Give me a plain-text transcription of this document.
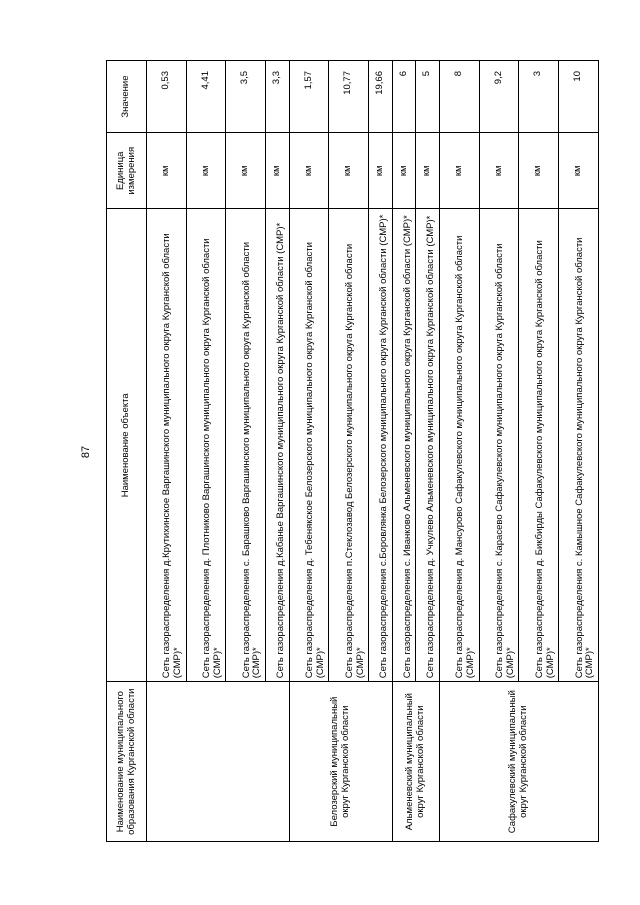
87
Наименование муниципального образования Курганской области	Наименование объекта	Единица измерения	Значение
	Сеть газораспределения д.Крутихинское Варгашинского муниципального округа Курганской области (СМР)*	км	0,53
	Сеть газораспределения д. Плотниково Варгашинского муниципального округа Курганской области (СМР)*	км	4,41
	Сеть газораспределения с. Барашково Варгашинского муниципального округа Курганской области (СМР)*	км	3,5
	Сеть газораспределения д.Кабанье Варгашинского муниципального округа Курганской области (СМР)*	км	3,3
Белозерский муниципальный округ Курганской области	Сеть газораспределения д. Тебенякское Белозерского муниципального округа Курганской области (СМР)*	км	1,57
	Сеть газораспределения п.Стеклозавод Белозерского муниципального округа Курганской области (СМР)*	км	10,77
	Сеть газораспределения с.Боровлянка Белозерского муниципального округа Курганской области (СМР)*	км	19,66
Альменевский муниципальный округ Курганской области	Сеть газораспределения с. Иванково Альменевского муниципального округа Курганской области (СМР)*	км	6
	Сеть газораспределения д. Учкулево Альменевского муниципального округа Курганской области (СМР)*	км	5
Сафакулевский муниципальный округ Курганской области	Сеть газораспределения д. Мансурово Сафакулевского муниципального округа Курганской области (СМР)*	км	8
	Сеть газораспределения с. Карасево Сафакулевского муниципального округа Курганской области (СМР)*	км	9,2
	Сеть газораспределения д. Бикбирды Сафакулевского муниципального округа Курганской области (СМР)*	км	3
	Сеть газораспределения с. Камышное Сафакулевского муниципального округа Курганской области (СМР)*	км	10
